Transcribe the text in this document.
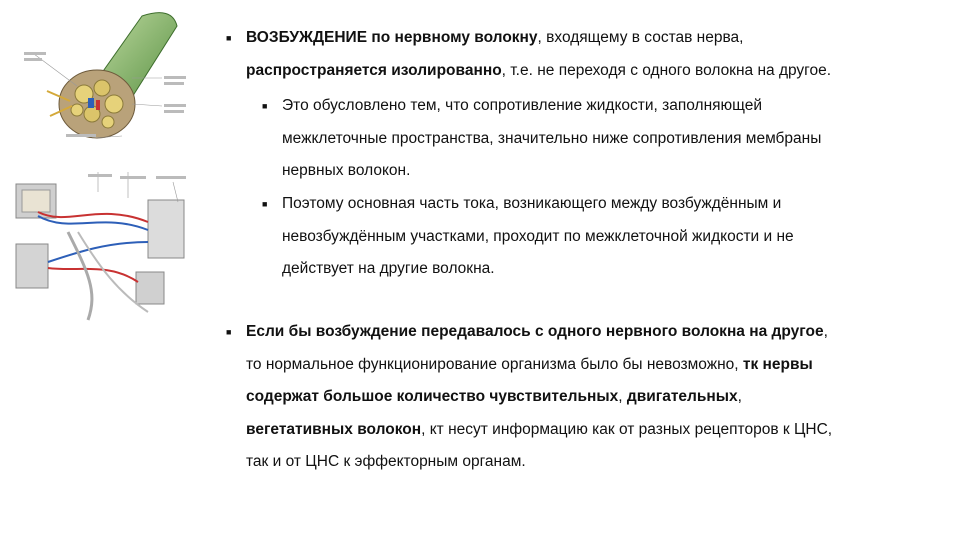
■ ВОЗБУЖДЕНИЕ по нервному волокну, входящему в состав нерва,
распространяется изолированно, т.е. не переходя с одного волокна на другое.
■ Это обусловлено тем, что сопротивление жидкости, заполняющей
межклеточные пространства, значительно ниже сопротивления мембраны
нервных волокон.
■ Поэтому основная часть тока, возникающего между возбуждённым и
невозбуждённым участками, проходит по межклеточной жидкости и не
действует на другие волокна.
■ Если бы возбуждение передавалось с одного нервного волокна на другое,
то нормальное функционирование организма было бы невозможно, тк нервы
содержат большое количество чувствительных, двигательных,
вегетативных волокон, кт несут информацию как от разных рецепторов к ЦНС,
так и от ЦНС к эффекторным органам.
